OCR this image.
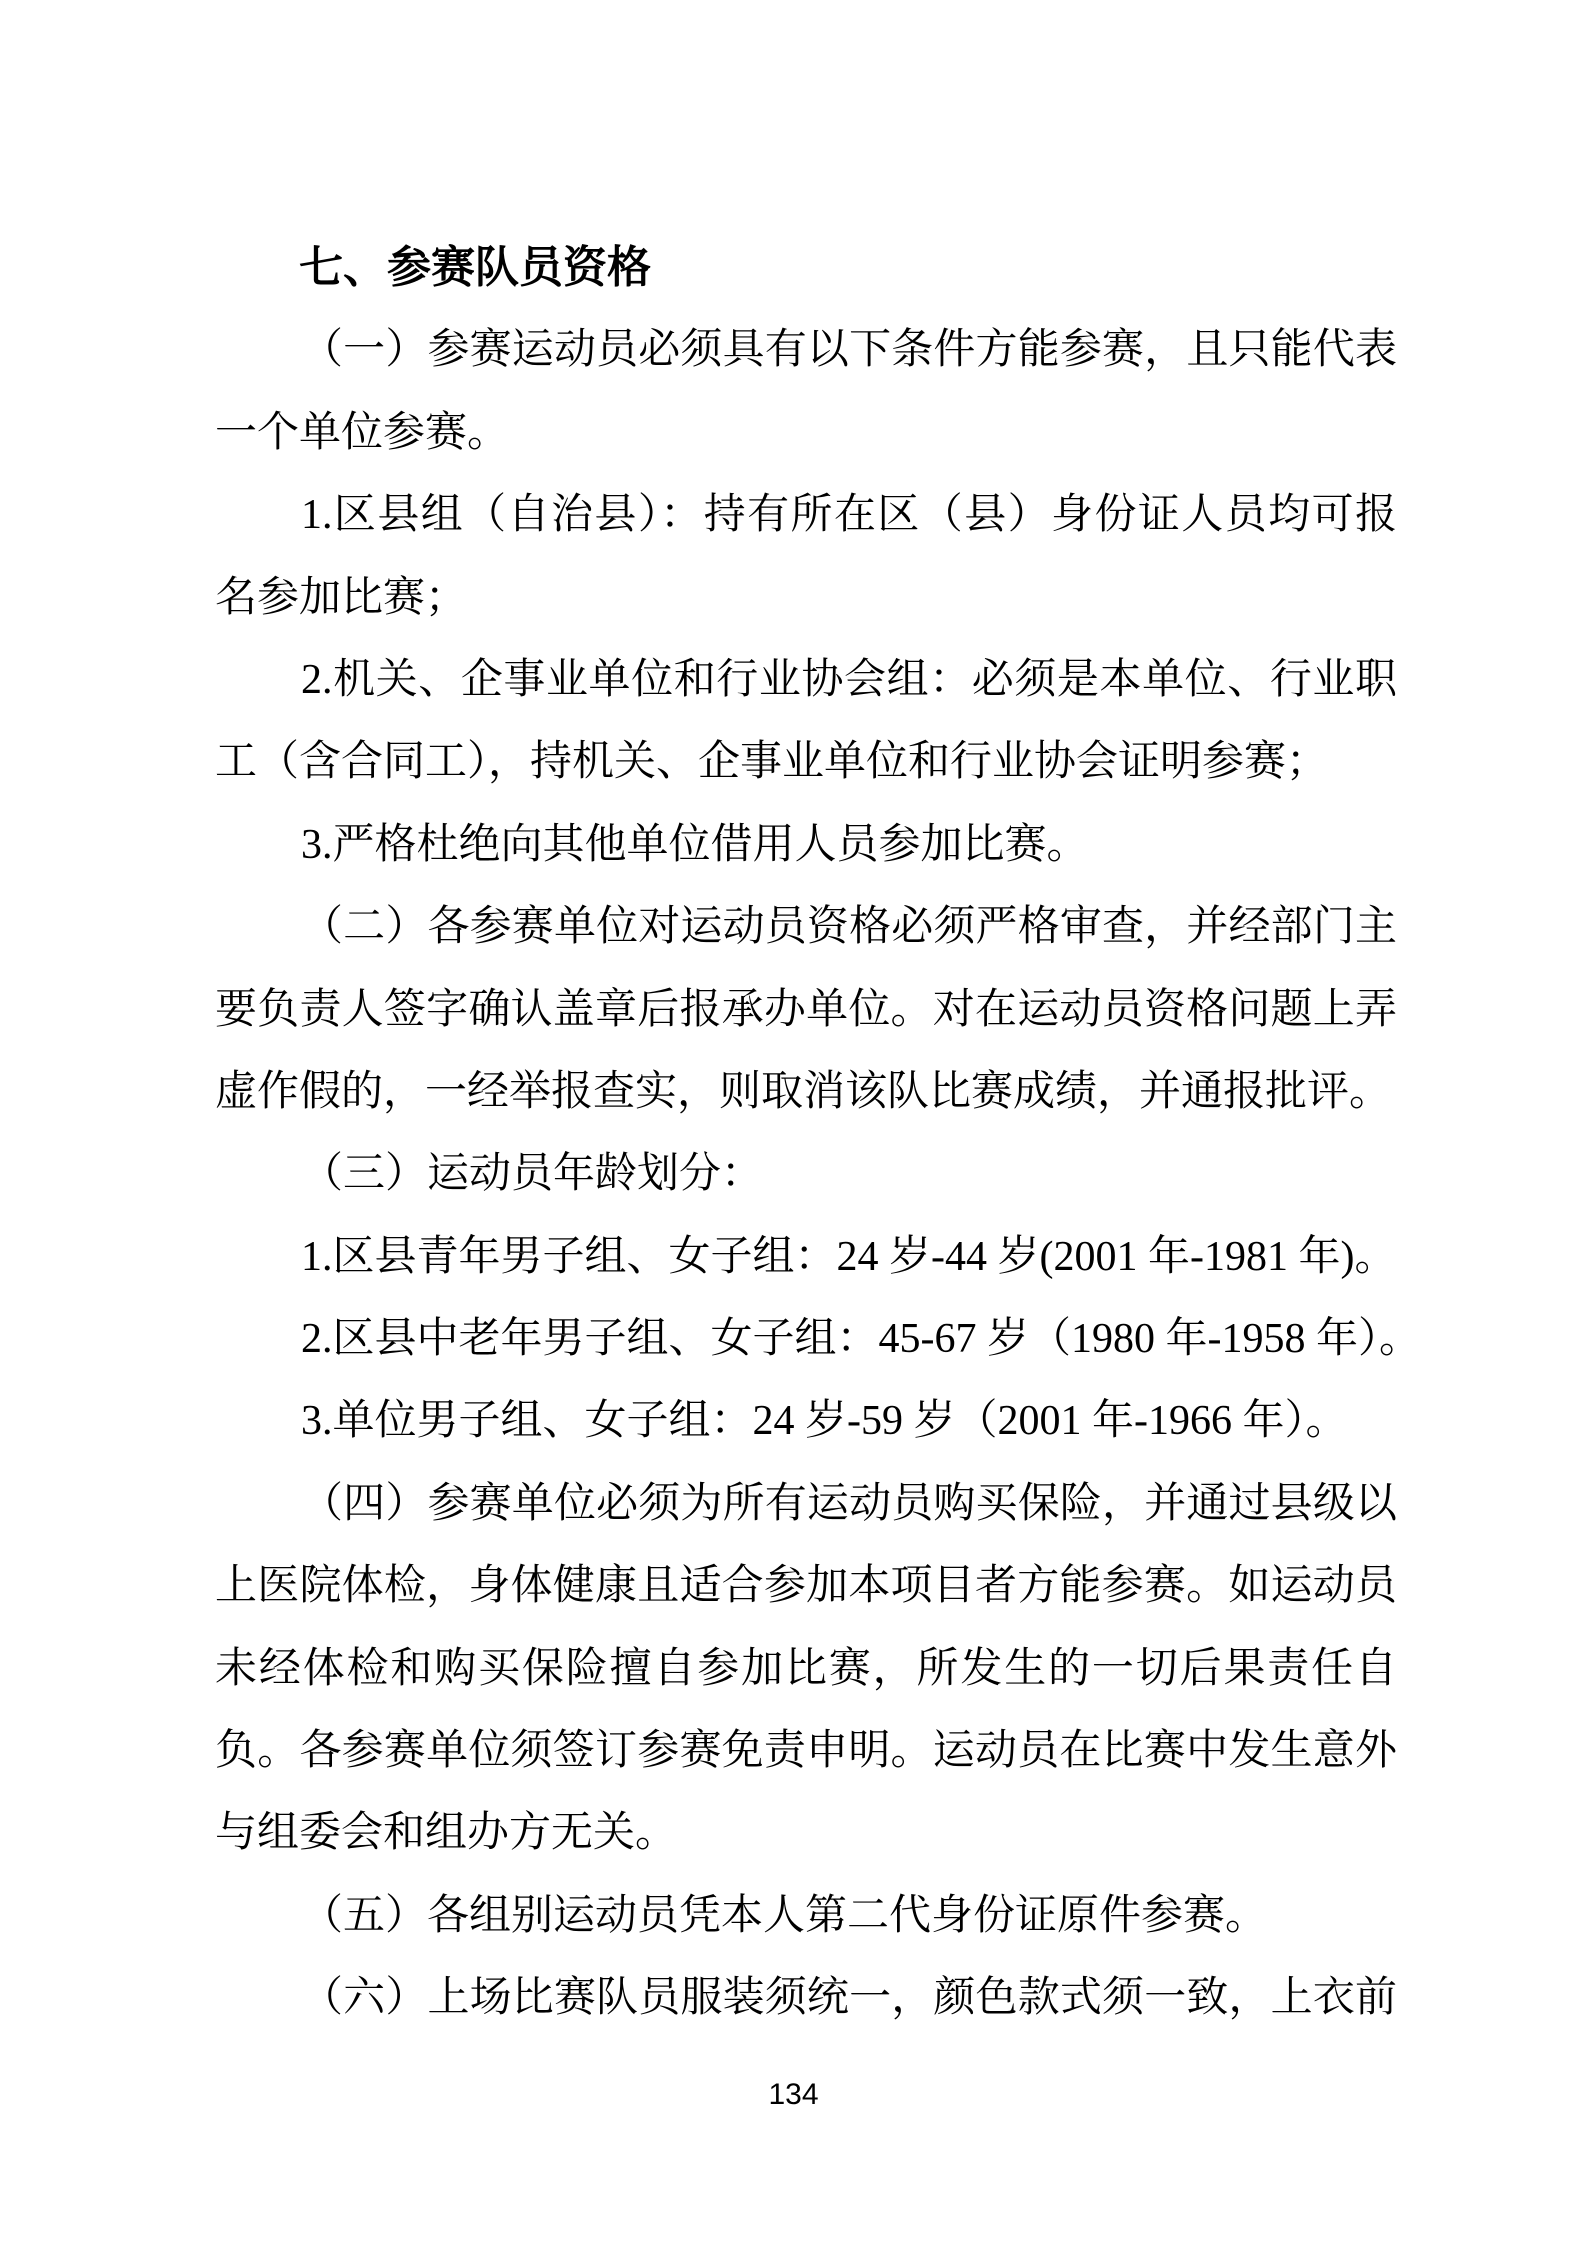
七、参赛队员资格
（一）参赛运动员必须具有以下条件方能参赛，且只能代表
一个单位参赛。
1.区县组（自治县）：持有所在区（县）身份证人员均可报
名参加比赛；
2.机关、企事业单位和行业协会组：必须是本单位、行业职
工（含合同工），持机关、企事业单位和行业协会证明参赛；
3.严格杜绝向其他单位借用人员参加比赛。
（二）各参赛单位对运动员资格必须严格审查，并经部门主
要负责人签字确认盖章后报承办单位。对在运动员资格问题上弄
虚作假的，一经举报查实，则取消该队比赛成绩，并通报批评。
（三）运动员年龄划分：
1.区县青年男子组、女子组：24 岁-44 岁(2001 年-1981 年)。
2.区县中老年男子组、女子组：45-67 岁（1980 年-1958 年）。
3.单位男子组、女子组：24 岁-59 岁（2001 年-1966 年）。
（四）参赛单位必须为所有运动员购买保险，并通过县级以
上医院体检，身体健康且适合参加本项目者方能参赛。如运动员
未经体检和购买保险擅自参加比赛，所发生的一切后果责任自
负。各参赛单位须签订参赛免责申明。运动员在比赛中发生意外
与组委会和组办方无关。
（五）各组别运动员凭本人第二代身份证原件参赛。
（六）上场比赛队员服装须统一，颜色款式须一致，上衣前
134
